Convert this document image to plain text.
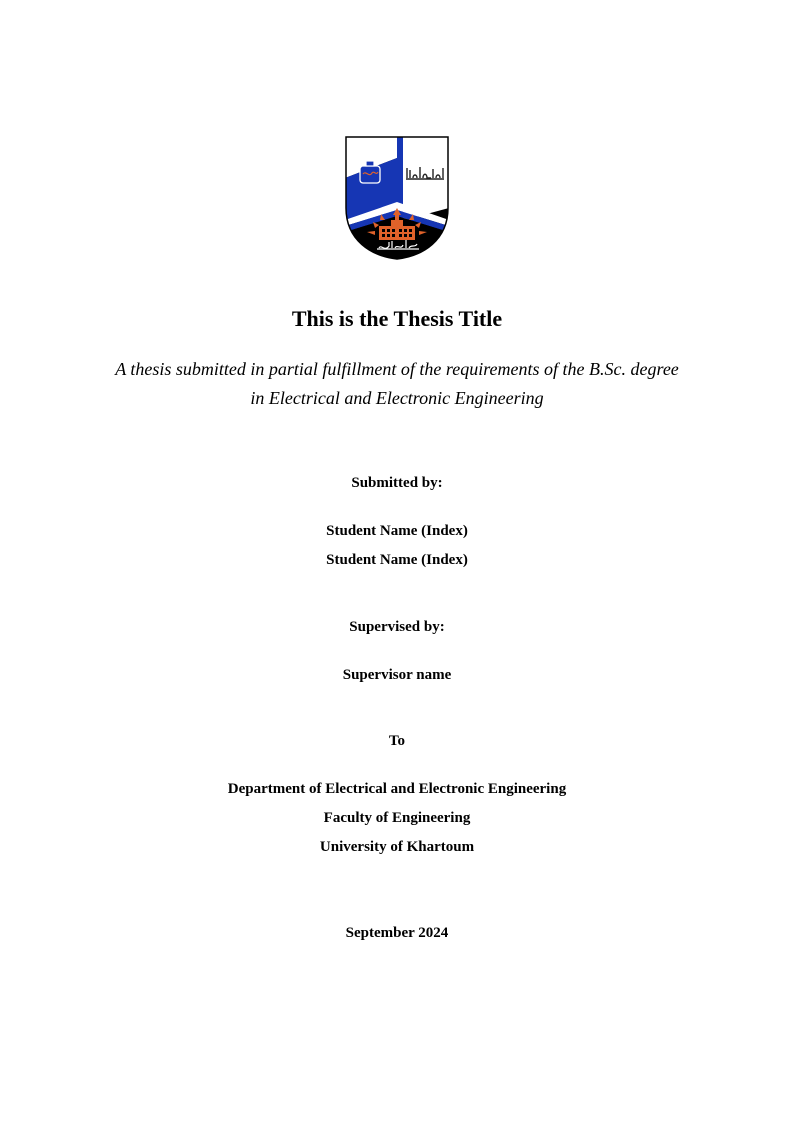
This is the Thesis Title
A thesis submitted in partial fulfillment of the requirements of the B.Sc. degree
in Electrical and Electronic Engineering
Submitted by:
Student Name (Index)
Student Name (Index)
Supervised by:
Supervisor name
To
Department of Electrical and Electronic Engineering
Faculty of Engineering
University of Khartoum
September 2024
